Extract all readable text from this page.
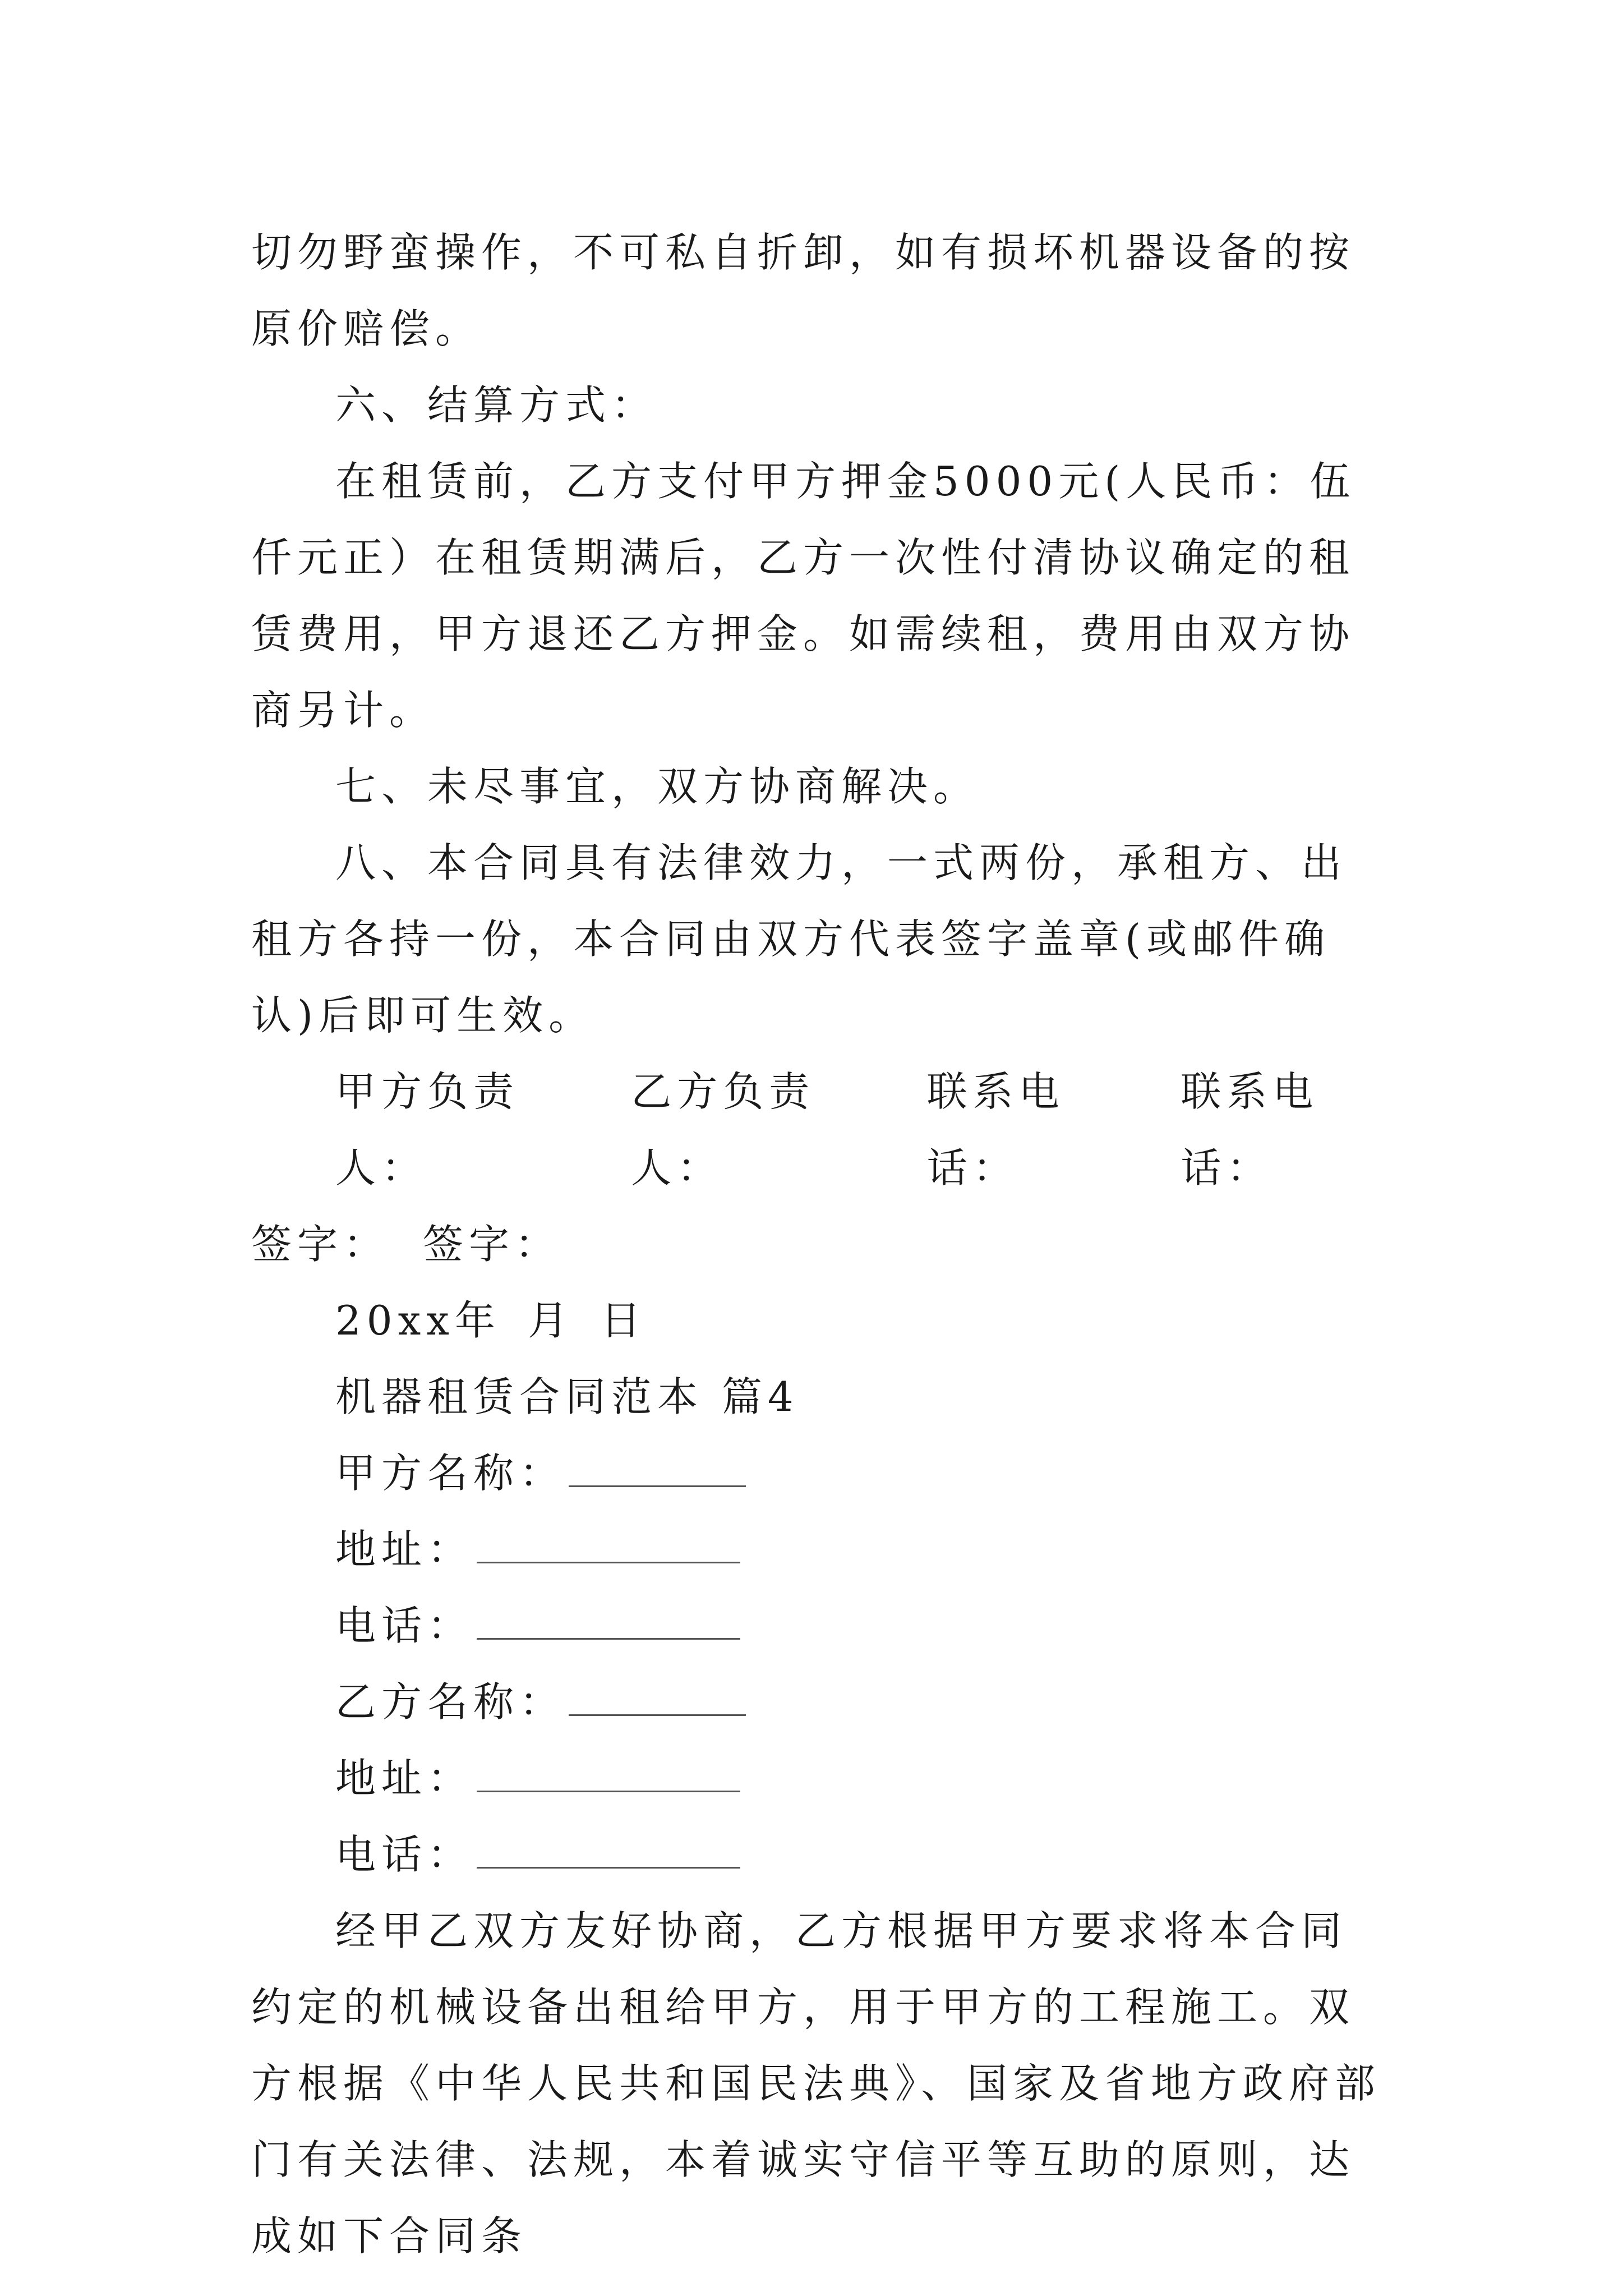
切勿野蛮操作，不可私自折卸，如有损坏机器设备的按原价赔偿。

六、结算方式：

在租赁前，乙方支付甲方押金5000元(人民币：伍仟元正）在租赁期满后，乙方一次性付清协议确定的租赁费用，甲方退还乙方押金。如需续租，费用由双方协商另计。

七、未尽事宜，双方协商解决。

八、本合同具有法律效力，一式两份，承租方、出租方各持一份，本合同由双方代表签字盖章(或邮件确认)后即可生效。

甲方负责人：
乙方负责人：
联系电话：
联系电话：
签字： 签字：
20xx年 月 日

机器租赁合同范本 篇4

甲方名称：
地址：
电话：
乙方名称：
地址：
电话：

经甲乙双方友好协商，乙方根据甲方要求将本合同约定的机械设备出租给甲方，用于甲方的工程施工。双方根据《中华人民共和国民法典》、国家及省地方政府部门有关法律、法规，本着诚实守信平等互助的原则，达成如下合同条
